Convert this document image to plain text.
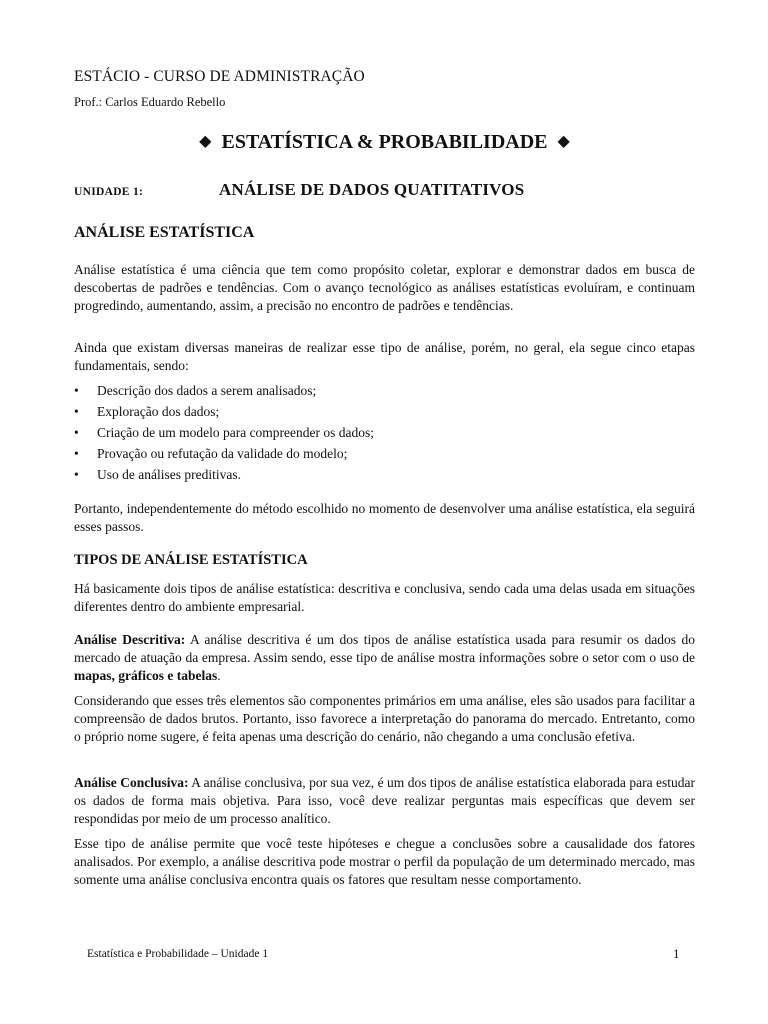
ESTÁCIO - CURSO DE ADMINISTRAÇÃO
Prof.: Carlos Eduardo Rebello
◆ ESTATÍSTICA & PROBABILIDADE ◆
UNIDADE 1:	ANÁLISE DE DADOS QUATITATIVOS
ANÁLISE ESTATÍSTICA
Análise estatística é uma ciência que tem como propósito coletar, explorar e demonstrar dados em busca de descobertas de padrões e tendências. Com o avanço tecnológico as análises estatísticas evoluíram, e continuam progredindo, aumentando, assim, a precisão no encontro de padrões e tendências.
Ainda que existam diversas maneiras de realizar esse tipo de análise, porém, no geral, ela segue cinco etapas fundamentais, sendo:
• Descrição dos dados a serem analisados;
• Exploração dos dados;
• Criação de um modelo para compreender os dados;
• Provação ou refutação da validade do modelo;
• Uso de análises preditivas.
Portanto, independentemente do método escolhido no momento de desenvolver uma análise estatística, ela seguirá esses passos.
TIPOS DE ANÁLISE ESTATÍSTICA
Há basicamente dois tipos de análise estatística: descritiva e conclusiva, sendo cada uma delas usada em situações diferentes dentro do ambiente empresarial.
Análise Descritiva: A análise descritiva é um dos tipos de análise estatística usada para resumir os dados do mercado de atuação da empresa. Assim sendo, esse tipo de análise mostra informações sobre o setor com o uso de mapas, gráficos e tabelas.
Considerando que esses três elementos são componentes primários em uma análise, eles são usados para facilitar a compreensão de dados brutos. Portanto, isso favorece a interpretação do panorama do mercado. Entretanto, como o próprio nome sugere, é feita apenas uma descrição do cenário, não chegando a uma conclusão efetiva.
Análise Conclusiva: A análise conclusiva, por sua vez, é um dos tipos de análise estatística elaborada para estudar os dados de forma mais objetiva. Para isso, você deve realizar perguntas mais específicas que devem ser respondidas por meio de um processo analítico.
Esse tipo de análise permite que você teste hipóteses e chegue a conclusões sobre a causalidade dos fatores analisados. Por exemplo, a análise descritiva pode mostrar o perfil da população de um determinado mercado, mas somente uma análise conclusiva encontra quais os fatores que resultam nesse comportamento.
Estatística e Probabilidade – Unidade 1	1
